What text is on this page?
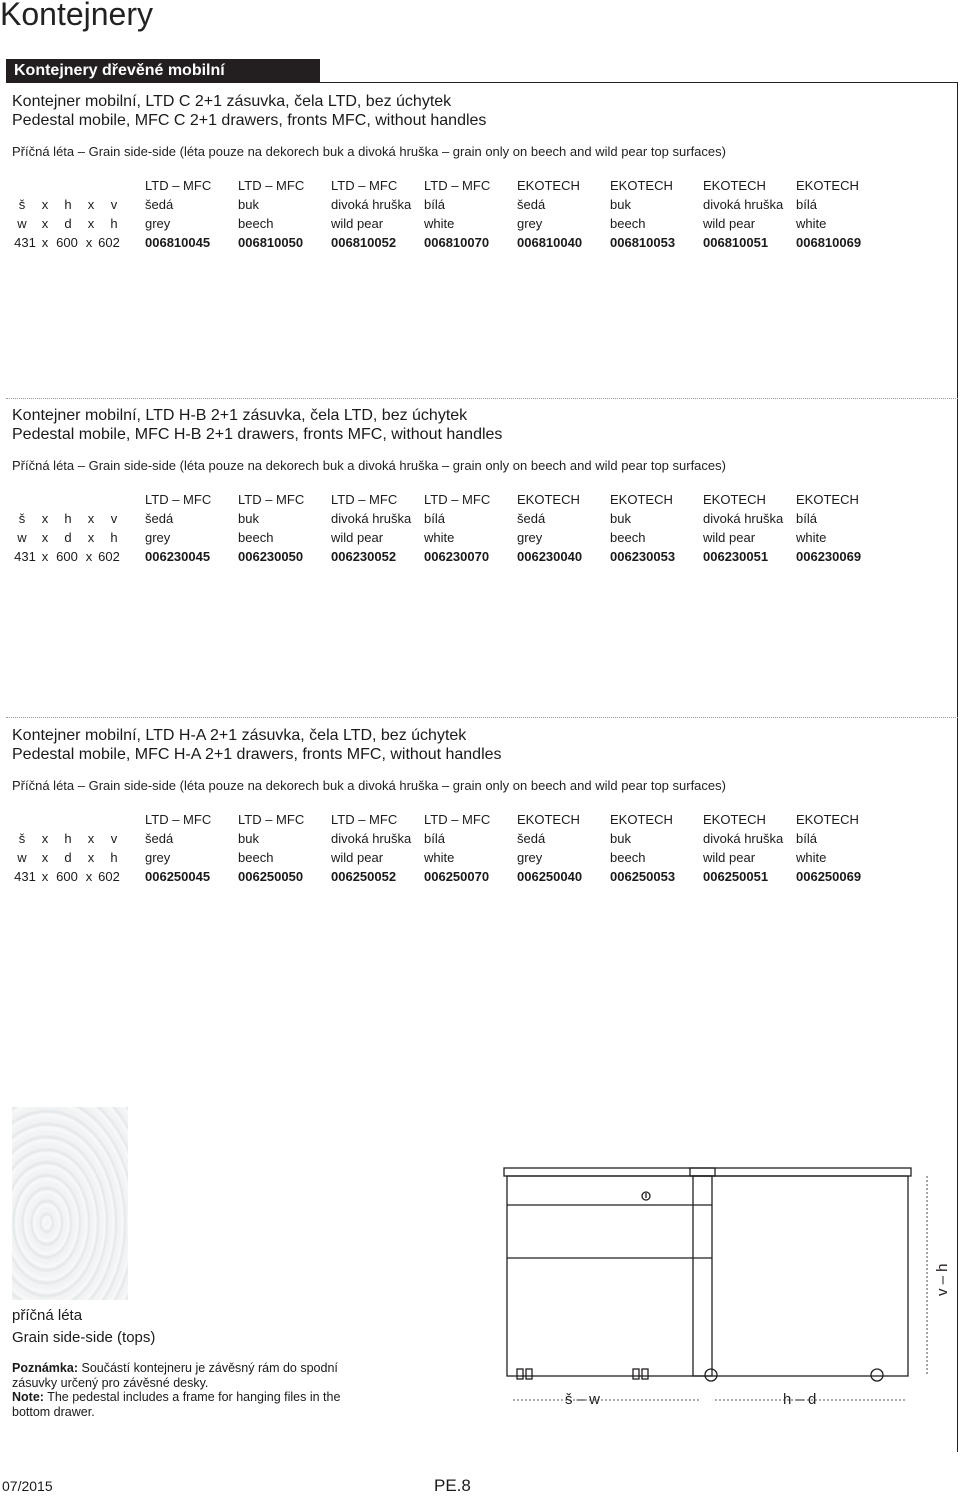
Kontejnery
Kontejnery dřevěné mobilní
Kontejner mobilní, LTD C 2+1 zásuvka, čela LTD, bez úchytek
Pedestal mobile, MFC C 2+1 drawers, fronts MFC, without handles
Příčná léta – Grain side-side (léta pouze na dekorech buk a divoká hruška – grain only on beech and wild pear top surfaces)
š x h x v
w x d x h
431 x 600 x 602
LTD – MFC
šedá
grey
006810045
LTD – MFC
buk
beech
006810050
LTD – MFC
divoká hruška
wild pear
006810052
LTD – MFC
bílá
white
006810070
EKOTECH
šedá
grey
006810040
EKOTECH
buk
beech
006810053
EKOTECH
divoká hruška
wild pear
006810051
EKOTECH
bílá
white
006810069
Kontejner mobilní, LTD H-B 2+1 zásuvka, čela LTD, bez úchytek
Pedestal mobile, MFC H-B 2+1 drawers, fronts MFC, without handles
Příčná léta – Grain side-side (léta pouze na dekorech buk a divoká hruška – grain only on beech and wild pear top surfaces)
š x h x v
w x d x h
431 x 600 x 602
LTD – MFC
šedá
grey
006230045
LTD – MFC
buk
beech
006230050
LTD – MFC
divoká hruška
wild pear
006230052
LTD – MFC
bílá
white
006230070
EKOTECH
šedá
grey
006230040
EKOTECH
buk
beech
006230053
EKOTECH
divoká hruška
wild pear
006230051
EKOTECH
bílá
white
006230069
Kontejner mobilní, LTD H-A 2+1 zásuvka, čela LTD, bez úchytek
Pedestal mobile, MFC H-A 2+1 drawers, fronts MFC, without handles
Příčná léta – Grain side-side (léta pouze na dekorech buk a divoká hruška – grain only on beech and wild pear top surfaces)
š x h x v
w x d x h
431 x 600 x 602
LTD – MFC
šedá
grey
006250045
LTD – MFC
buk
beech
006250050
LTD – MFC
divoká hruška
wild pear
006250052
LTD – MFC
bílá
white
006250070
EKOTECH
šedá
grey
006250040
EKOTECH
buk
beech
006250053
EKOTECH
divoká hruška
wild pear
006250051
EKOTECH
bílá
white
006250069
příčná léta
Grain side-side (tops)
Poznámka: Součástí kontejneru je závěsný rám do spodní zásuvky určený pro závěsné desky.
Note: The pedestal includes a frame for hanging files in the bottom drawer.
š – w	h – d
v – h
07/2015	PE.8
